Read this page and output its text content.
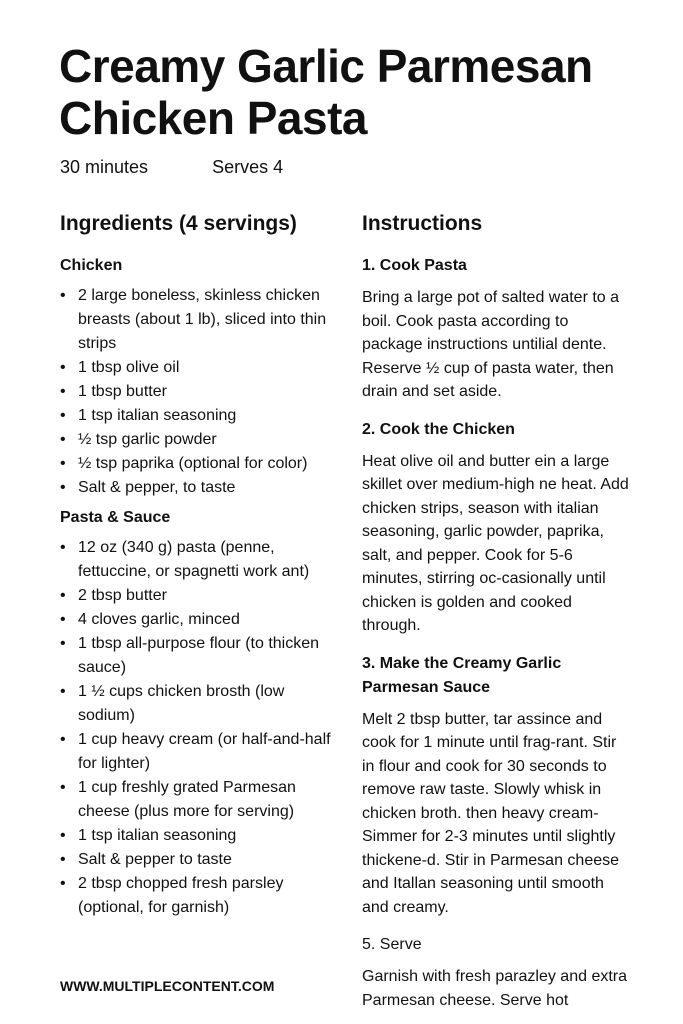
Creamy Garlic Parmesan
Chicken Pasta
30 minutes	Serves 4
Ingredients (4 servings)
Chicken
• 2 large boneless, skinless chicken breasts (about 1 lb), sliced into thin strips
• 1 tbsp olive oil
• 1 tbsp butter
• 1 tsp italian seasoning
• ½ tsp garlic powder
• ½ tsp paprika (optional for color)
• Salt & pepper, to taste
Pasta & Sauce
• 12 oz (340 g) pasta (penne, fettuccine, or spagnetti work ant)
• 2 tbsp butter
• 4 cloves garlic, minced
• 1 tbsp all-purpose flour (to thicken sauce)
• 1 ½ cups chicken brosth (low sodium)
• 1 cup heavy cream (or half-and-half for lighter)
• 1 cup freshly grated Parmesan cheese (plus more for serving)
• 1 tsp italian seasoning
• Salt & pepper to taste
• 2 tbsp chopped fresh parsley (optional, for garnish)
Instructions
1. Cook Pasta

Bring a large pot of salted water to a boil. Cook pasta according to package instructions untilial dente. Reserve ½ cup of pasta water, then drain and set aside.

2. Cook the Chicken

Heat olive oil and butter ein a large skillet over medium-high ne heat. Add chicken strips, season with italian seasoning, garlic powder, paprika, salt, and pepper. Cook for 5-6 minutes, stirring oc-casionally until chicken is golden and cooked through.

3. Make the Creamy Garlic Parmesan Sauce

Melt 2 tbsp butter, tar assince and cook for 1 minute until frag-rant. Stir in flour and cook for 30 seconds to remove raw taste. Slowly whisk in chicken broth. then heavy cream-Simmer for 2-3 minutes until slightly thickene-d. Stir in Parmesan cheese and Itallan seasoning until smooth and creamy.

5. Serve

Garnish with fresh parazley and extra Parmesan cheese. Serve hot

WWW.MULTIPLECONTENT.COM
